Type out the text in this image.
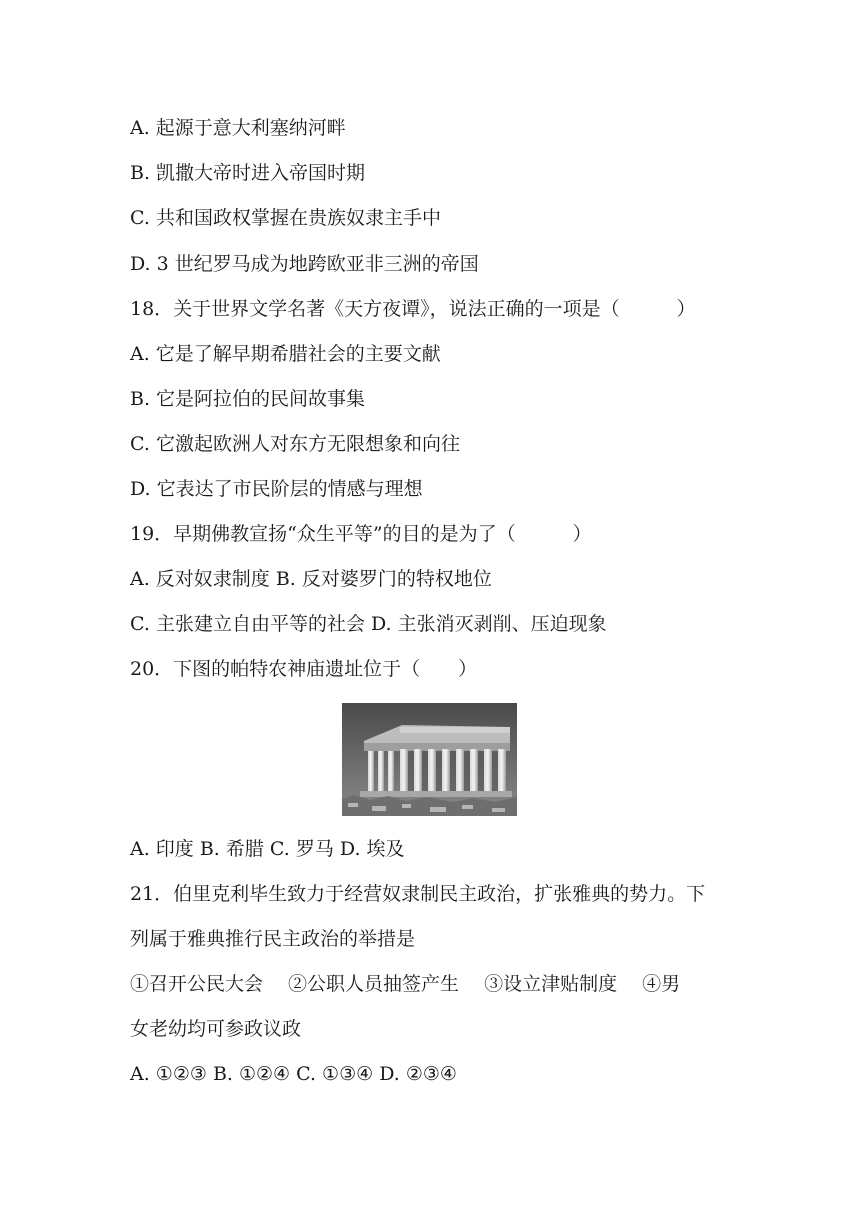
A. 起源于意大利塞纳河畔
B. 凯撒大帝时进入帝国时期
C. 共和国政权掌握在贵族奴隶主手中
D. 3 世纪罗马成为地跨欧亚非三洲的帝国
18．关于世界文学名著《天方夜谭》，说法正确的一项是（　　　）
A. 它是了解早期希腊社会的主要文献
B. 它是阿拉伯的民间故事集
C. 它激起欧洲人对东方无限想象和向往
D. 它表达了市民阶层的情感与理想
19．早期佛教宣扬“众生平等”的目的是为了（　　　）
A. 反对奴隶制度 B. 反对婆罗门的特权地位
C. 主张建立自由平等的社会 D. 主张消灭剥削、压迫现象
20．下图的帕特农神庙遗址位于（　　）
A. 印度 B. 希腊 C. 罗马 D. 埃及
21．伯里克利毕生致力于经营奴隶制民主政治，扩张雅典的势力。下
列属于雅典推行民主政治的举措是
①召开公民大会　 ②公职人员抽签产生　 ③设立津贴制度　 ④男
女老幼均可参政议政
A. ①②③ B. ①②④ C. ①③④ D. ②③④
